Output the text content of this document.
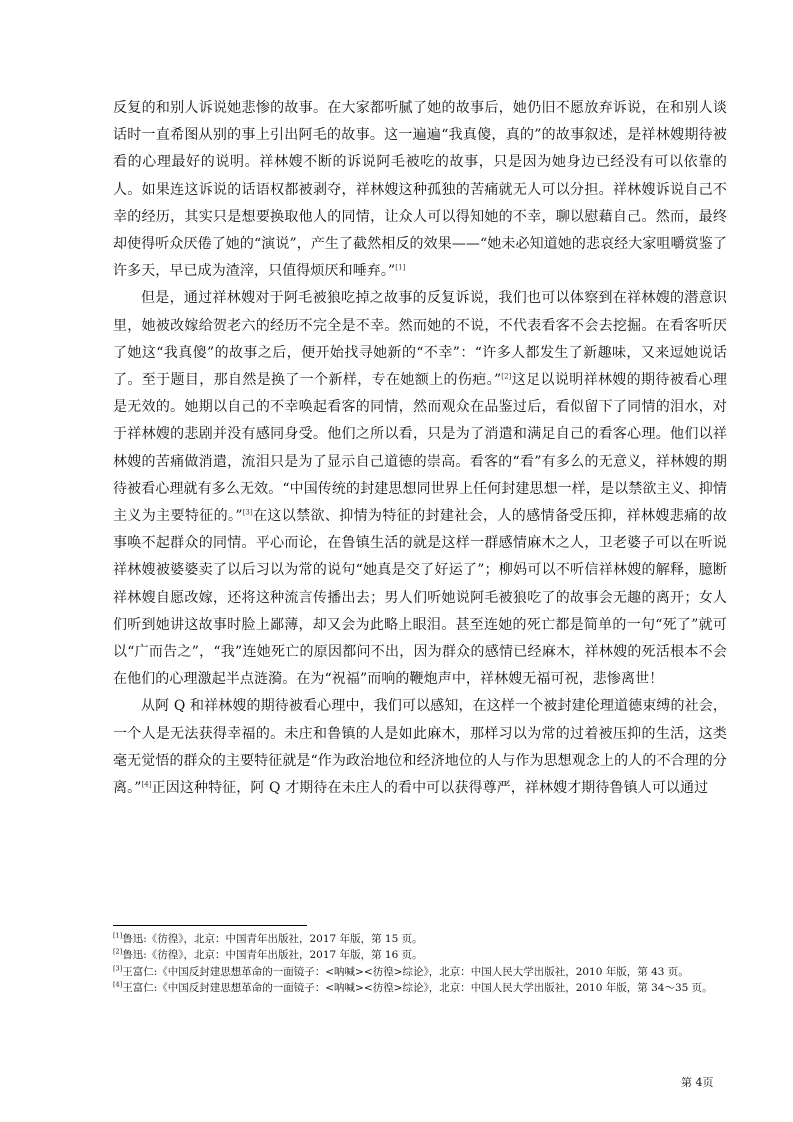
反复的和别人诉说她悲惨的故事。在大家都听腻了她的故事后，她仍旧不愿放弃诉说，在和别人谈话时一直希图从别的事上引出阿毛的故事。这一遍遍“我真傻，真的”的故事叙述，是祥林嫂期待被看的心理最好的说明。祥林嫂不断的诉说阿毛被吃的故事，只是因为她身边已经没有可以依靠的人。如果连这诉说的话语权都被剥夺，祥林嫂这种孤独的苦痛就无人可以分担。祥林嫂诉说自己不幸的经历，其实只是想要换取他人的同情，让众人可以得知她的不幸，聊以慰藉自己。然而，最终却使得听众厌倦了她的“演说”，产生了截然相反的效果——“她未必知道她的悲哀经大家咀嚼赏鉴了许多天，早已成为渣滓，只值得烦厌和唾弃。”[1]

但是，通过祥林嫂对于阿毛被狼吃掉之故事的反复诉说，我们也可以体察到在祥林嫂的潜意识里，她被改嫁给贺老六的经历不完全是不幸。然而她的不说，不代表看客不会去挖掘。在看客听厌了她这“我真傻”的故事之后，便开始找寻她新的“不幸”：“许多人都发生了新趣味，又来逗她说话了。至于题目，那自然是换了一个新样，专在她额上的伤疤。”[2]这足以说明祥林嫂的期待被看心理是无效的。她期以自己的不幸唤起看客的同情，然而观众在品鉴过后，看似留下了同情的泪水，对于祥林嫂的悲剧并没有感同身受。他们之所以看，只是为了消遣和满足自己的看客心理。他们以祥林嫂的苦痛做消遣，流泪只是为了显示自己道德的崇高。看客的“看”有多么的无意义，祥林嫂的期待被看心理就有多么无效。“中国传统的封建思想同世界上任何封建思想一样，是以禁欲主义、抑情主义为主要特征的。”[3]在这以禁欲、抑情为特征的封建社会，人的感情备受压抑，祥林嫂悲痛的故事唤不起群众的同情。平心而论，在鲁镇生活的就是这样一群感情麻木之人，卫老婆子可以在听说祥林嫂被婆婆卖了以后习以为常的说句“她真是交了好运了”；柳妈可以不听信祥林嫂的解释，臆断祥林嫂自愿改嫁，还将这种流言传播出去；男人们听她说阿毛被狼吃了的故事会无趣的离开；女人们听到她讲这故事时脸上鄙薄，却又会为此略上眼泪。甚至连她的死亡都是简单的一句“死了”就可以“广而告之”，“我”连她死亡的原因都问不出，因为群众的感情已经麻木，祥林嫂的死活根本不会在他们的心理激起半点涟漪。在为“祝福”而响的鞭炮声中，祥林嫂无福可祝，悲惨离世！

从阿 Q 和祥林嫂的期待被看心理中，我们可以感知，在这样一个被封建伦理道德束缚的社会，一个人是无法获得幸福的。未庄和鲁镇的人是如此麻木，那样习以为常的过着被压抑的生活，这类毫无觉悟的群众的主要特征就是“作为政治地位和经济地位的人与作为思想观念上的人的不合理的分离。”[4]正因这种特征，阿 Q 才期待在未庄人的看中可以获得尊严，祥林嫂才期待鲁镇人可以通过

[1]鲁迅:《彷徨》，北京：中国青年出版社，2017 年版，第 15 页。

[2]鲁迅:《彷徨》，北京：中国青年出版社，2017 年版，第 16 页。

[3]王富仁:《中国反封建思想革命的一面镜子：<呐喊><彷徨>综论》，北京：中国人民大学出版社，2010 年版，第 43 页。

[4]王富仁:《中国反封建思想革命的一面镜子：<呐喊><彷徨>综论》，北京：中国人民大学出版社，2010 年版，第 34～35 页。

第 4页
